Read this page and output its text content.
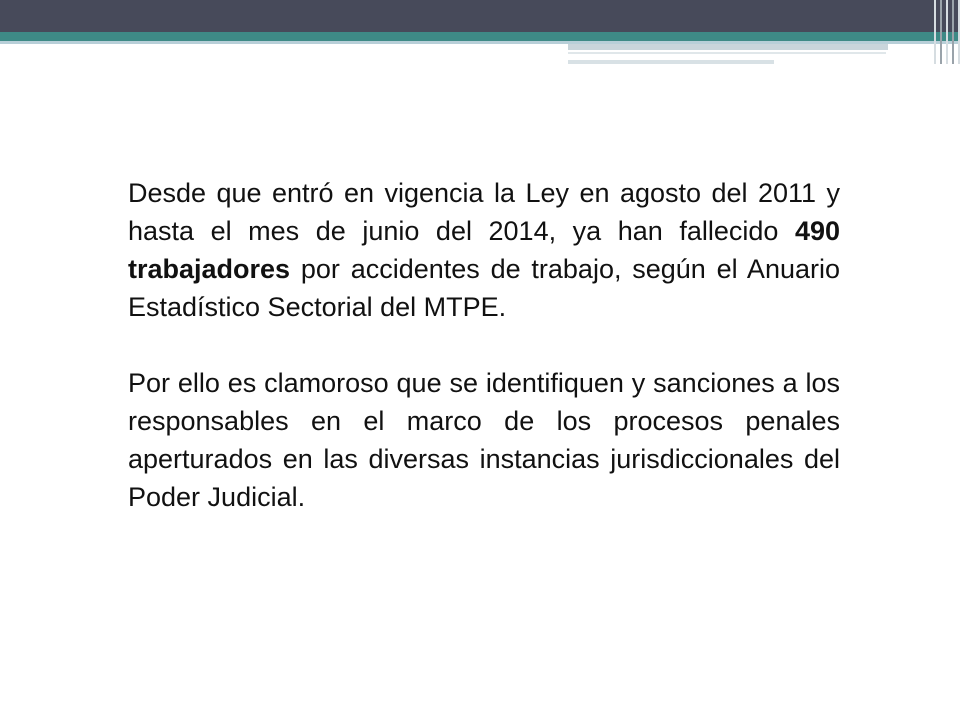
Desde que entró en vigencia la Ley en agosto del 2011 y hasta el mes de junio del 2014, ya han fallecido 490 trabajadores por accidentes de trabajo, según el Anuario Estadístico Sectorial del MTPE.

Por ello es clamoroso que se identifiquen y sanciones a los responsables en el marco de los procesos penales aperturados en las diversas instancias jurisdiccionales del Poder Judicial.
